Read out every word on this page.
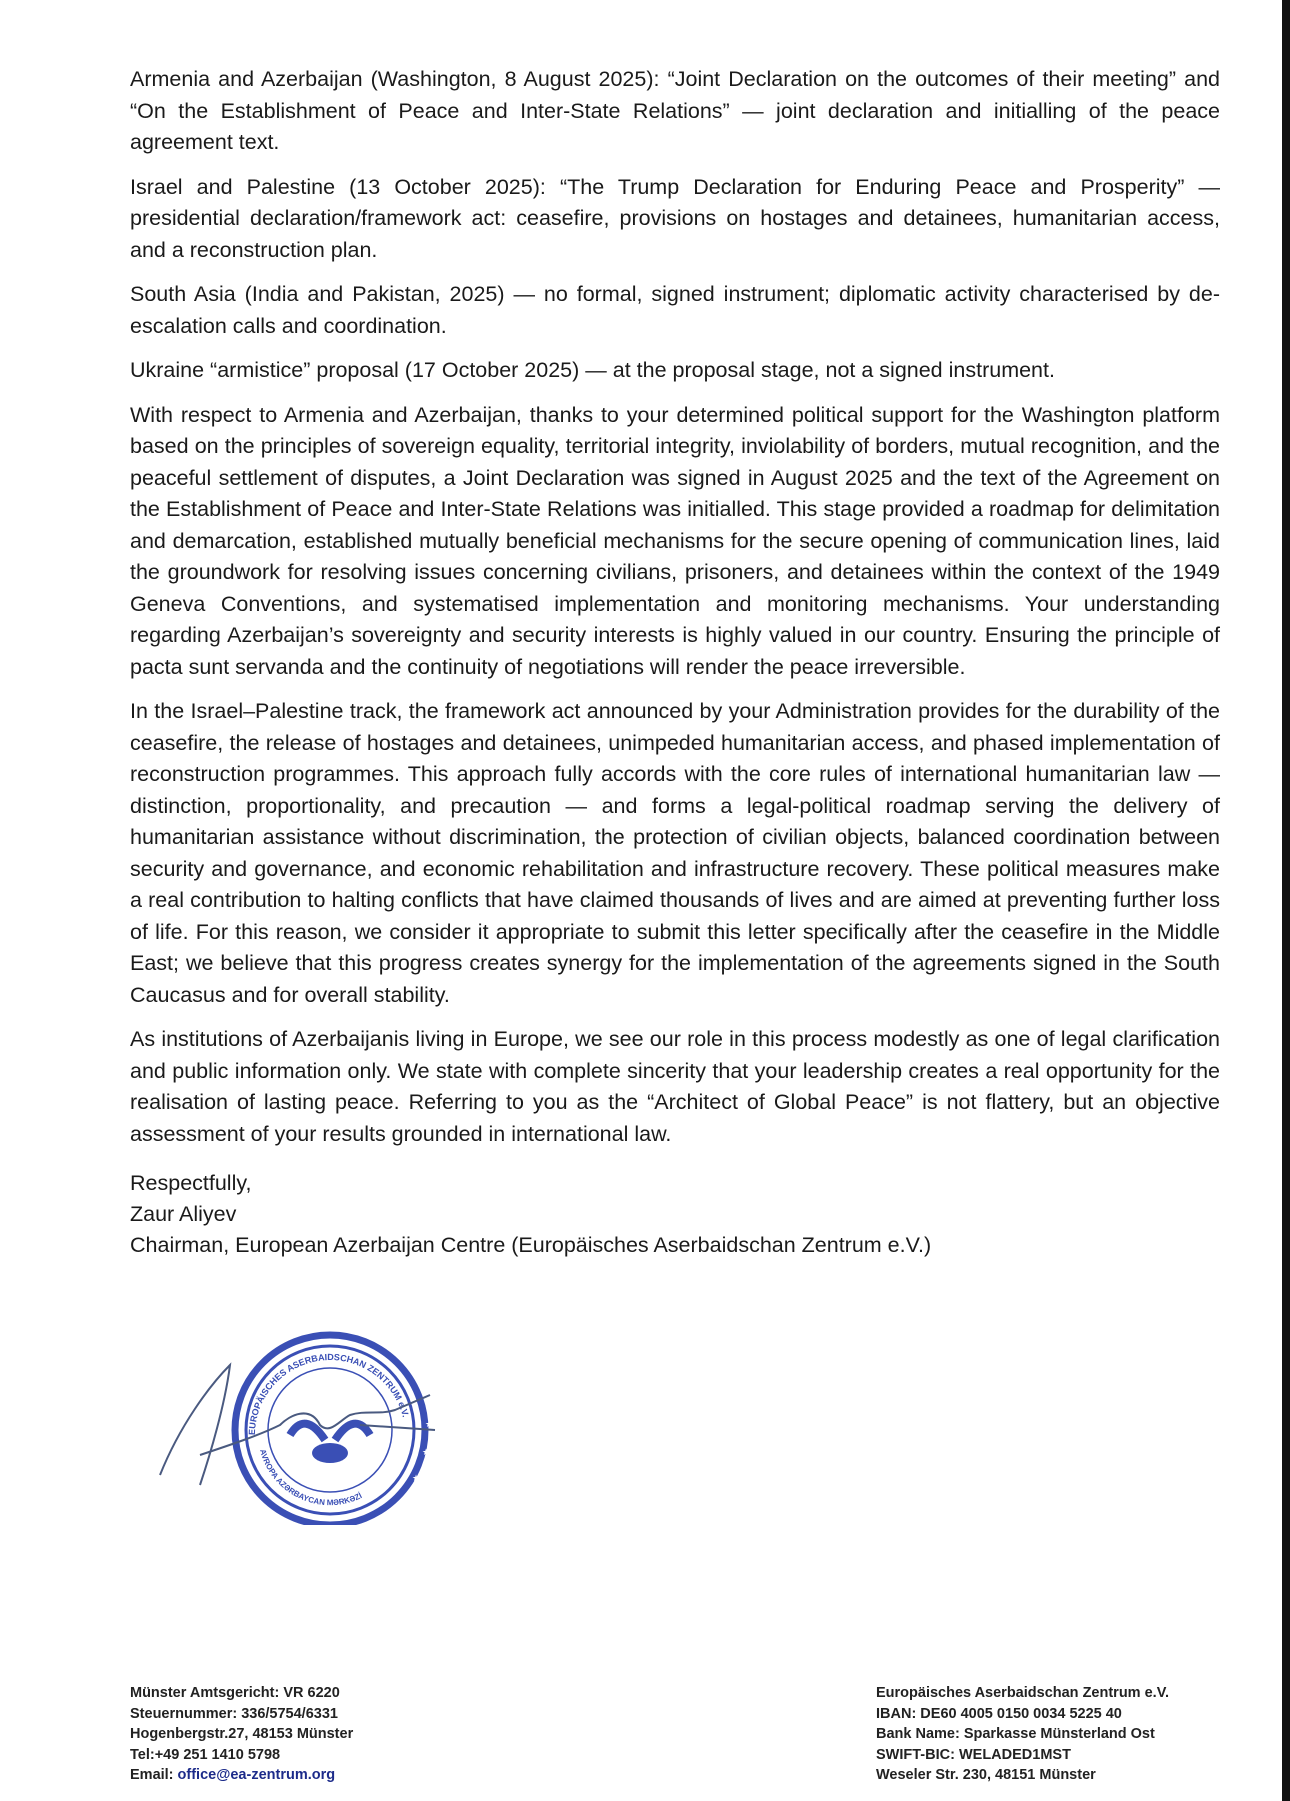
Armenia and Azerbaijan (Washington, 8 August 2025): “Joint Declaration on the outcomes of their meeting” and “On the Establishment of Peace and Inter-State Relations” — joint declaration and initialling of the peace agreement text.

Israel and Palestine (13 October 2025): “The Trump Declaration for Enduring Peace and Prosperity” — presidential declaration/framework act: ceasefire, provisions on hostages and detainees, humanitarian access, and a reconstruction plan.

South Asia (India and Pakistan, 2025) — no formal, signed instrument; diplomatic activity characterised by de-escalation calls and coordination.

Ukraine “armistice” proposal (17 October 2025) — at the proposal stage, not a signed instrument.

With respect to Armenia and Azerbaijan, thanks to your determined political support for the Washington platform based on the principles of sovereign equality, territorial integrity, inviolability of borders, mutual recognition, and the peaceful settlement of disputes, a Joint Declaration was signed in August 2025 and the text of the Agreement on the Establishment of Peace and Inter-State Relations was initialled. This stage provided a roadmap for delimitation and demarcation, established mutually beneficial mechanisms for the secure opening of communication lines, laid the groundwork for resolving issues concerning civilians, prisoners, and detainees within the context of the 1949 Geneva Conventions, and systematised implementation and monitoring mechanisms. Your understanding regarding Azerbaijan’s sovereignty and security interests is highly valued in our country. Ensuring the principle of pacta sunt servanda and the continuity of negotiations will render the peace irreversible.

In the Israel–Palestine track, the framework act announced by your Administration provides for the durability of the ceasefire, the release of hostages and detainees, unimpeded humanitarian access, and phased implementation of reconstruction programmes. This approach fully accords with the core rules of international humanitarian law — distinction, proportionality, and precaution — and forms a legal-political roadmap serving the delivery of humanitarian assistance without discrimination, the protection of civilian objects, balanced coordination between security and governance, and economic rehabilitation and infrastructure recovery. These political measures make a real contribution to halting conflicts that have claimed thousands of lives and are aimed at preventing further loss of life. For this reason, we consider it appropriate to submit this letter specifically after the ceasefire in the Middle East; we believe that this progress creates synergy for the implementation of the agreements signed in the South Caucasus and for overall stability.

As institutions of Azerbaijanis living in Europe, we see our role in this process modestly as one of legal clarification and public information only. We state with complete sincerity that your leadership creates a real opportunity for the realisation of lasting peace. Referring to you as the “Architect of Global Peace” is not flattery, but an objective assessment of your results grounded in international law.

Respectfully,
Zaur Aliyev
Chairman, European Azerbaijan Centre (Europäisches Aserbaidschan Zentrum e.V.)
★
★
★
★
★
★
EUROPÄISCHES ASERBAIDSCHAN ZENTRUM e.V.
AVROPA AZƏRBAYCAN MƏRKƏZİ
Münster Amtsgericht: VR 6220
Steuernummer: 336/5754/6331
Hogenbergstr.27, 48153 Münster
Tel:+49 251 1410 5798
Email: office@ea-zentrum.org
Europäisches Aserbaidschan Zentrum e.V.
IBAN: DE60 4005 0150 0034 5225 40
Bank Name: Sparkasse Münsterland Ost
SWIFT-BIC: WELADED1MST
Weseler Str. 230, 48151 Münster
